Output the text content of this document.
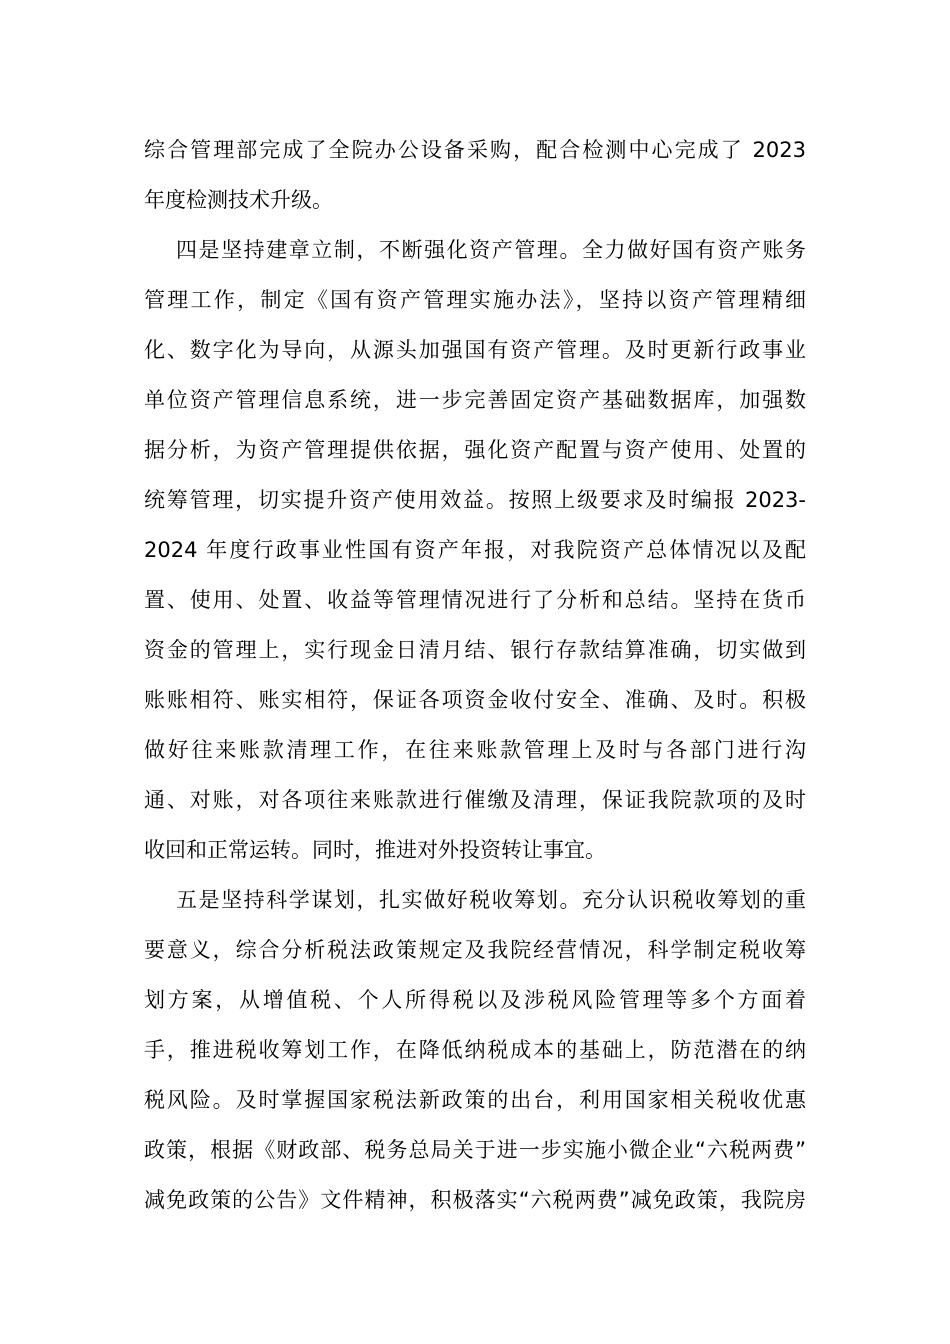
综合管理部完成了全院办公设备采购，配合检测中心完成了 2023
年度检测技术升级。
四是坚持建章立制，不断强化资产管理。全力做好国有资产账务
管理工作，制定《国有资产管理实施办法》，坚持以资产管理精细
化、数字化为导向，从源头加强国有资产管理。及时更新行政事业
单位资产管理信息系统，进一步完善固定资产基础数据库，加强数
据分析，为资产管理提供依据，强化资产配置与资产使用、处置的
统筹管理，切实提升资产使用效益。按照上级要求及时编报 2023-
2024 年度行政事业性国有资产年报，对我院资产总体情况以及配
置、使用、处置、收益等管理情况进行了分析和总结。坚持在货币
资金的管理上，实行现金日清月结、银行存款结算准确，切实做到
账账相符、账实相符，保证各项资金收付安全、准确、及时。积极
做好往来账款清理工作，在往来账款管理上及时与各部门进行沟
通、对账，对各项往来账款进行催缴及清理，保证我院款项的及时
收回和正常运转。同时，推进对外投资转让事宜。
五是坚持科学谋划，扎实做好税收筹划。充分认识税收筹划的重
要意义，综合分析税法政策规定及我院经营情况，科学制定税收筹
划方案，从增值税、个人所得税以及涉税风险管理等多个方面着
手，推进税收筹划工作，在降低纳税成本的基础上，防范潜在的纳
税风险。及时掌握国家税法新政策的出台，利用国家相关税收优惠
政策，根据《财政部、税务总局关于进一步实施小微企业“六税两费”
减免政策的公告》文件精神，积极落实“六税两费”减免政策，我院房
